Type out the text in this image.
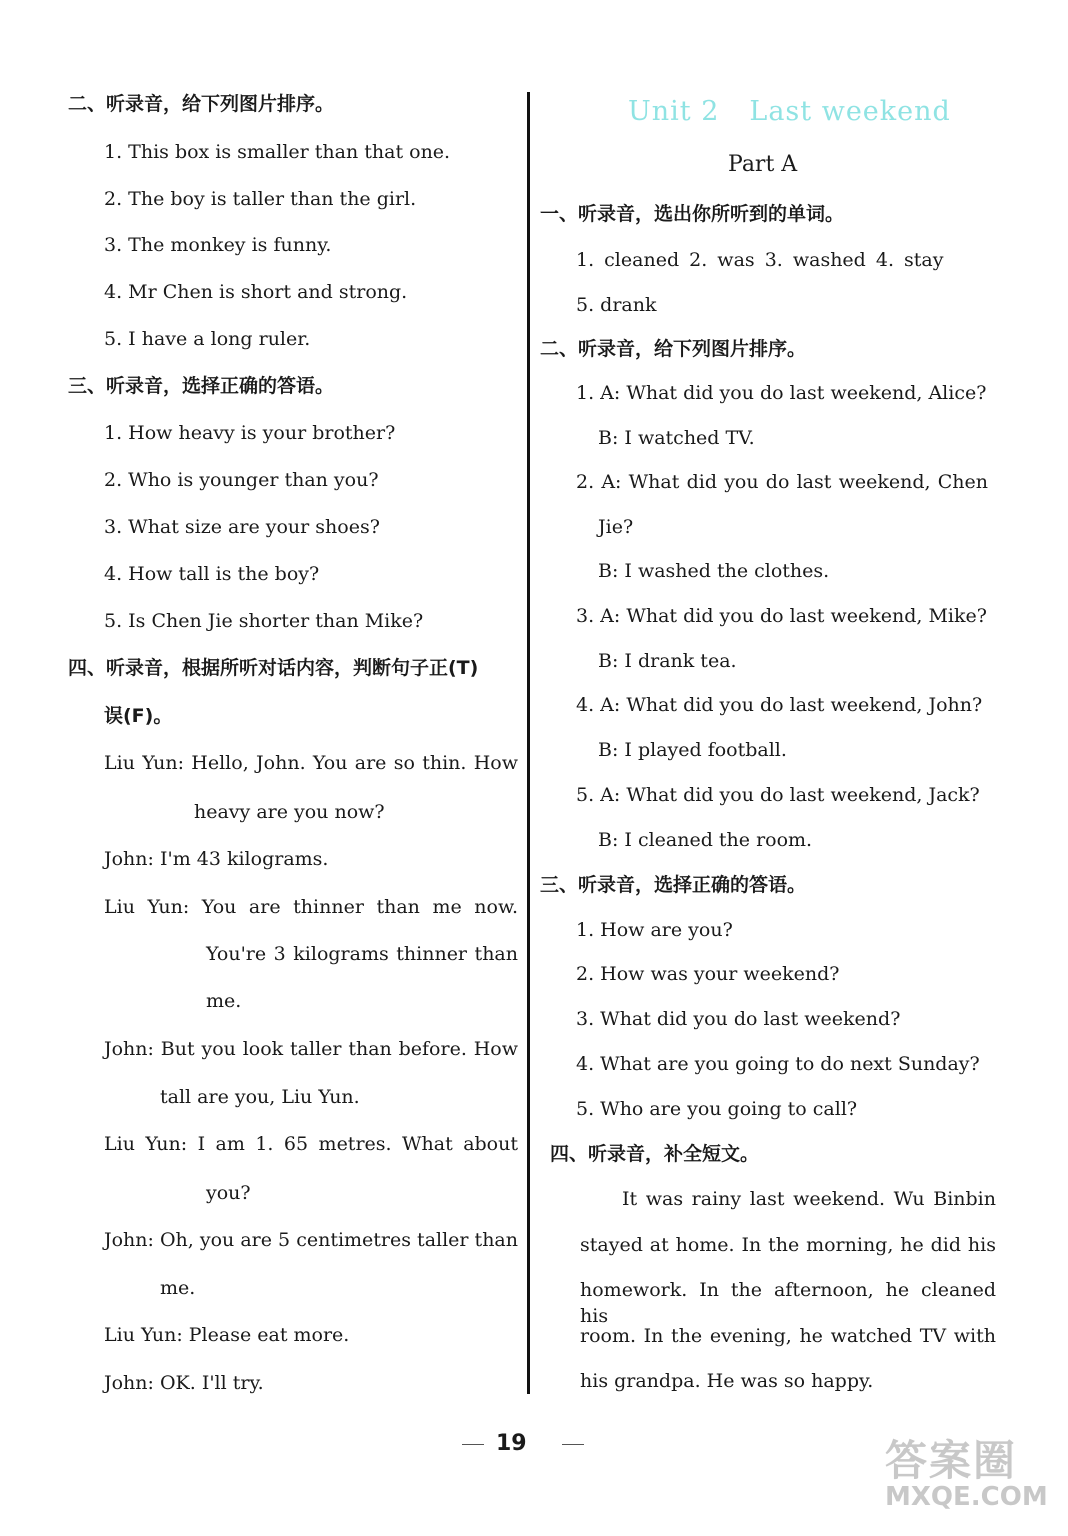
二、听录音，给下列图片排序。
1. This box is smaller than that one.
2. The boy is taller than the girl.
3. The monkey is funny.
4. Mr Chen is short and strong.
5. I have a long ruler.
三、听录音，选择正确的答语。
1. How heavy is your brother?
2. Who is younger than you?
3. What size are your shoes?
4. How tall is the boy?
5. Is Chen Jie shorter than Mike?
四、听录音，根据所听对话内容，判断句子正(T)
误(F)。
Liu Yun: Hello, John. You are so thin. How
heavy are you now?
John: I'm 43 kilograms.
Liu Yun: You are thinner than me now.
You're 3 kilograms thinner than
me.
John: But you look taller than before. How
tall are you, Liu Yun.
Liu Yun: I am 1. 65 metres. What about
you?
John: Oh, you are 5 centimetres taller than
me.
Liu Yun: Please eat more.
John: OK. I'll try.
Unit 2 Last weekend
Part A
一、听录音，选出你所听到的单词。
1. cleaned 2. was 3. washed 4. stay
5. drank
二、听录音，给下列图片排序。
1. A: What did you do last weekend, Alice?
B: I watched TV.
2. A: What did you do last weekend, Chen
Jie?
B: I washed the clothes.
3. A: What did you do last weekend, Mike?
B: I drank tea.
4. A: What did you do last weekend, John?
B: I played football.
5. A: What did you do last weekend, Jack?
B: I cleaned the room.
三、听录音，选择正确的答语。
1. How are you?
2. How was your weekend?
3. What did you do last weekend?
4. What are you going to do next Sunday?
5. Who are you going to call?
四、听录音，补全短文。
It was rainy last weekend. Wu Binbin
stayed at home. In the morning, he did his
homework. In the afternoon, he cleaned his
room. In the evening, he watched TV with
his grandpa. He was so happy.
19	答案圈
MXQE.COM
